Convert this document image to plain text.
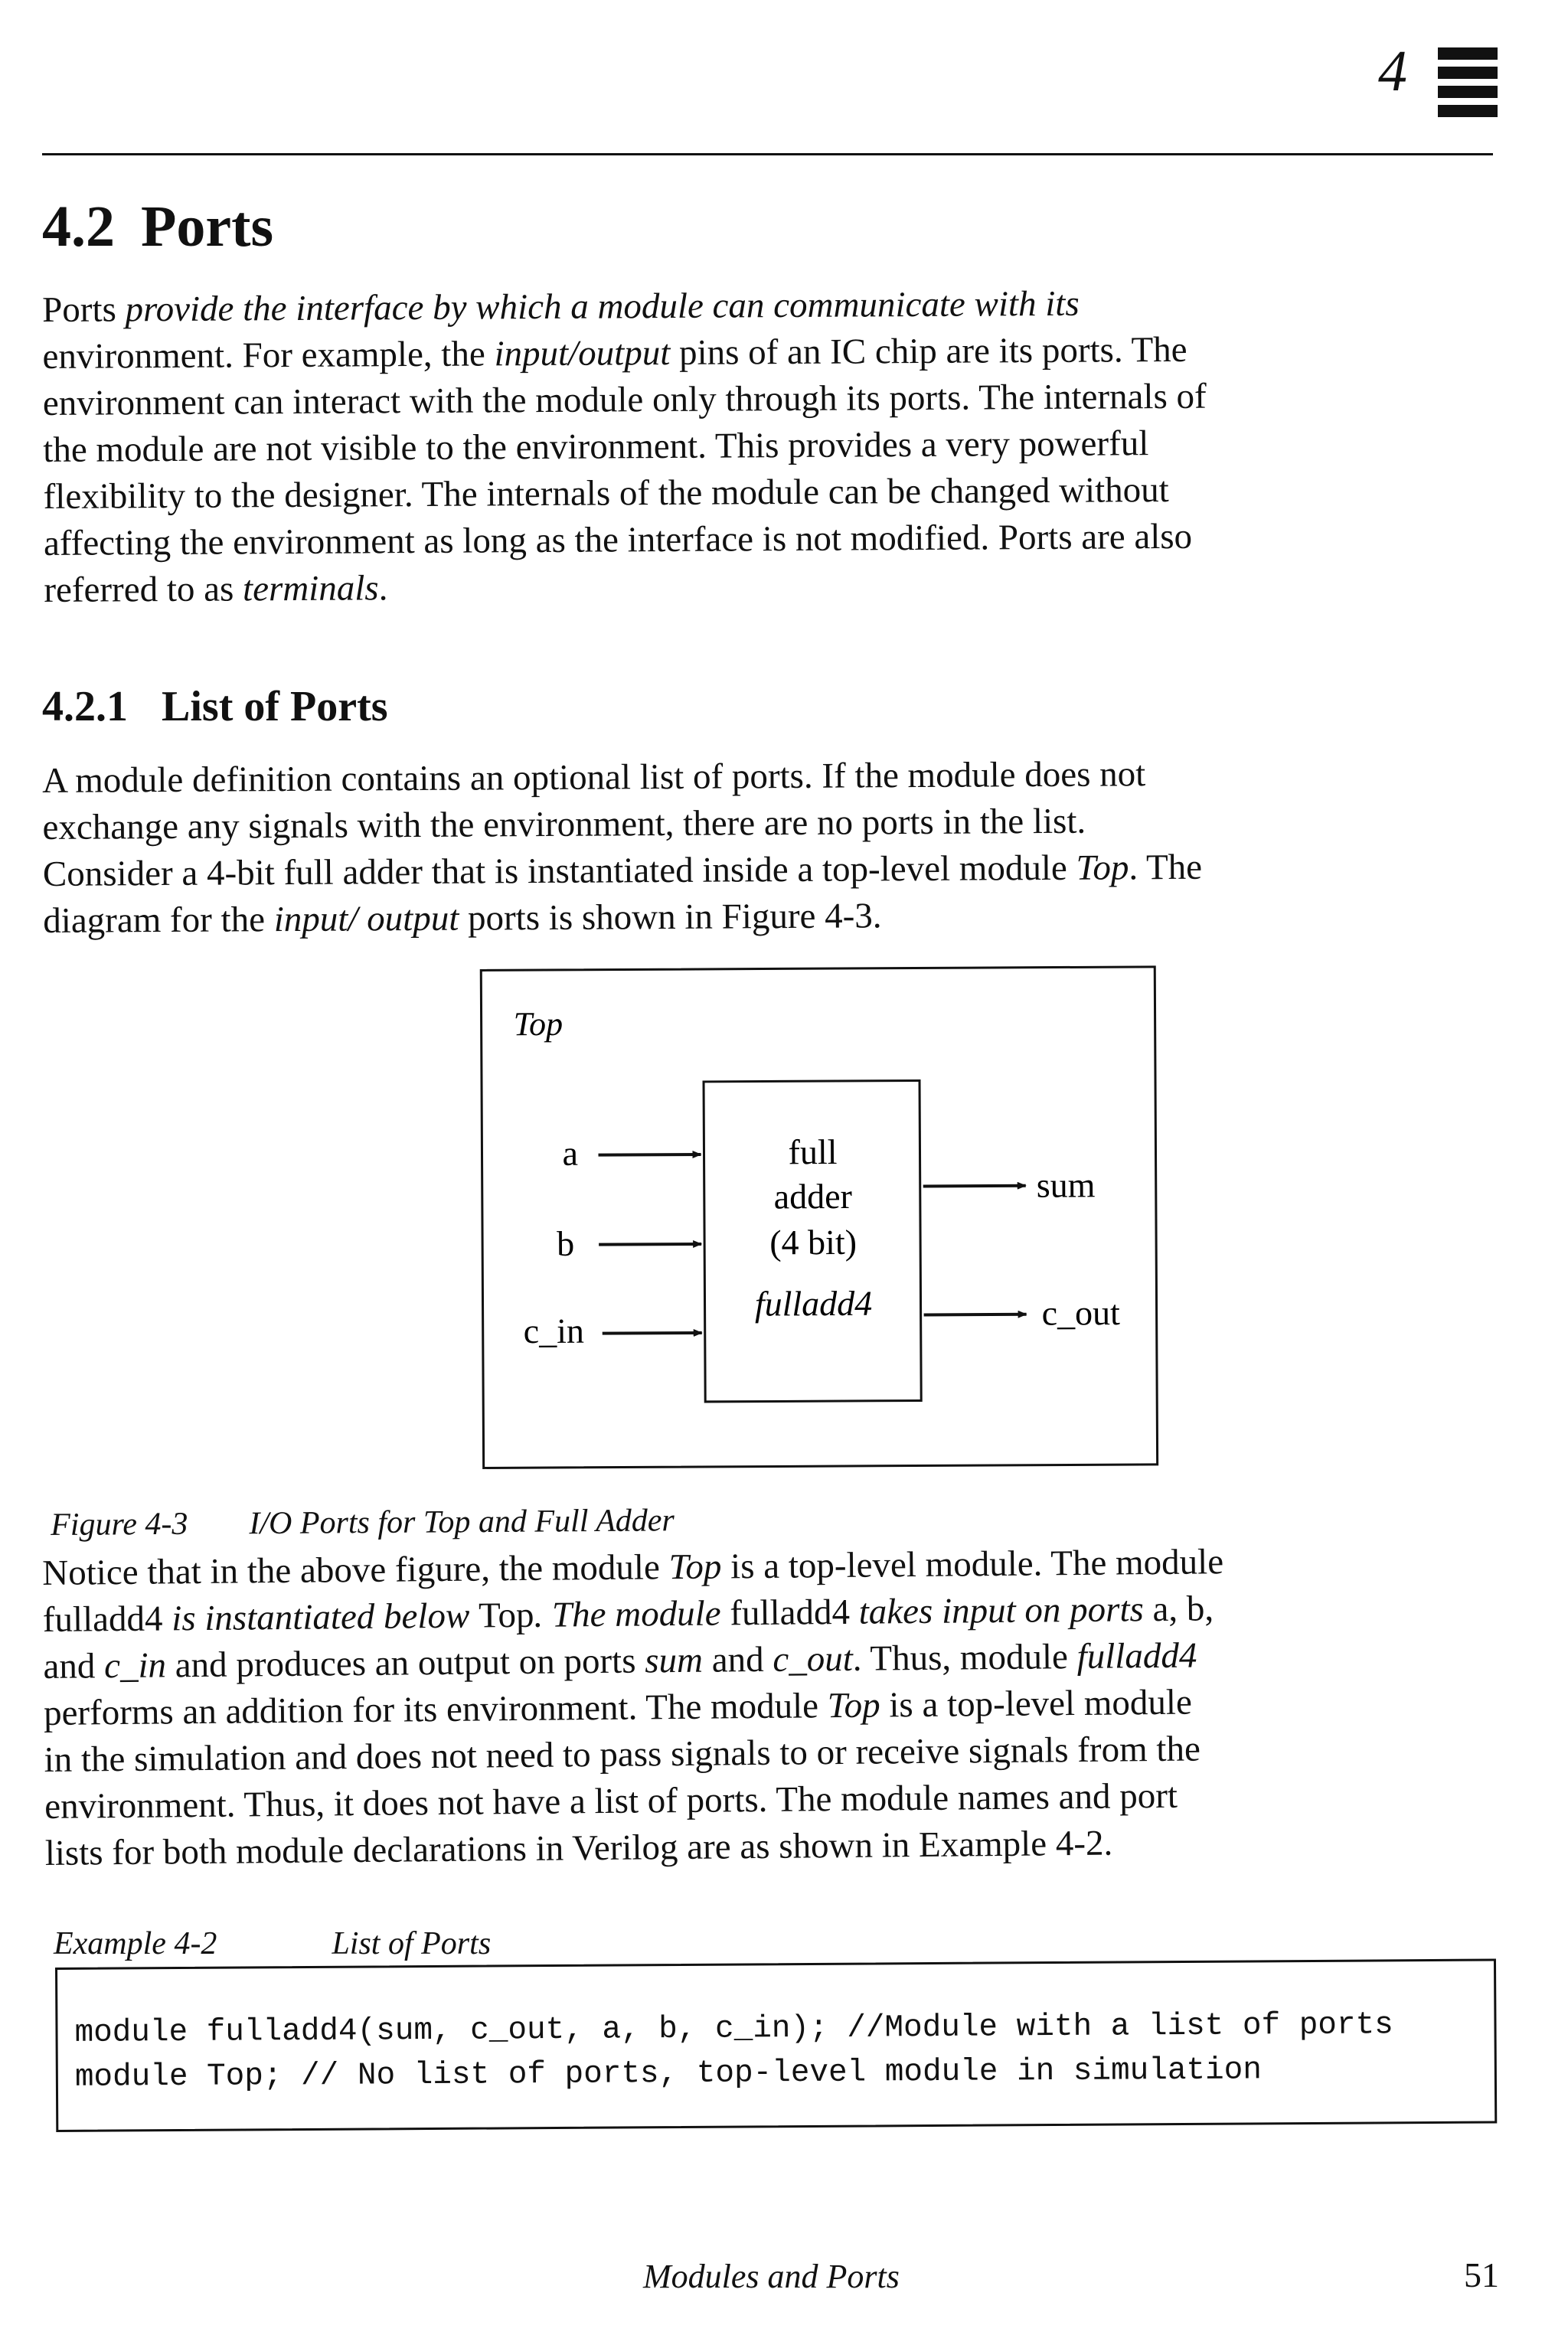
4
4.2 Ports

Ports provide the interface by which a module can communicate with its
environment. For example, the input/output pins of an IC chip are its ports. The
environment can interact with the module only through its ports. The internals of
the module are not visible to the environment. This provides a very powerful
flexibility to the designer. The internals of the module can be changed without
affecting the environment as long as the interface is not modified. Ports are also
referred to as terminals.

4.2.1 List of Ports

A module definition contains an optional list of ports. If the module does not
exchange any signals with the environment, there are no ports in the list.
Consider a 4-bit full adder that is instantiated inside a top-level module Top. The
diagram for the input/ output ports is shown in Figure 4-3.

Top
full
adder
(4 bit)
fulladd4
a
b
c_in
sum
c_out
Figure 4-3 I/O Ports for Top and Full Adder

Notice that in the above figure, the module Top is a top-level module. The module
fulladd4 is instantiated below Top. The module fulladd4 takes input on ports a, b,
and c_in and produces an output on ports sum and c_out. Thus, module fulladd4
performs an addition for its environment. The module Top is a top-level module
in the simulation and does not need to pass signals to or receive signals from the
environment. Thus, it does not have a list of ports. The module names and port
lists for both module declarations in Verilog are as shown in Example 4-2.

Example 4-2	List of Ports
module fulladd4(sum, c_out, a, b, c_in); //Module with a list of ports
module Top; // No list of ports, top-level module in simulation
Modules and Ports	51
